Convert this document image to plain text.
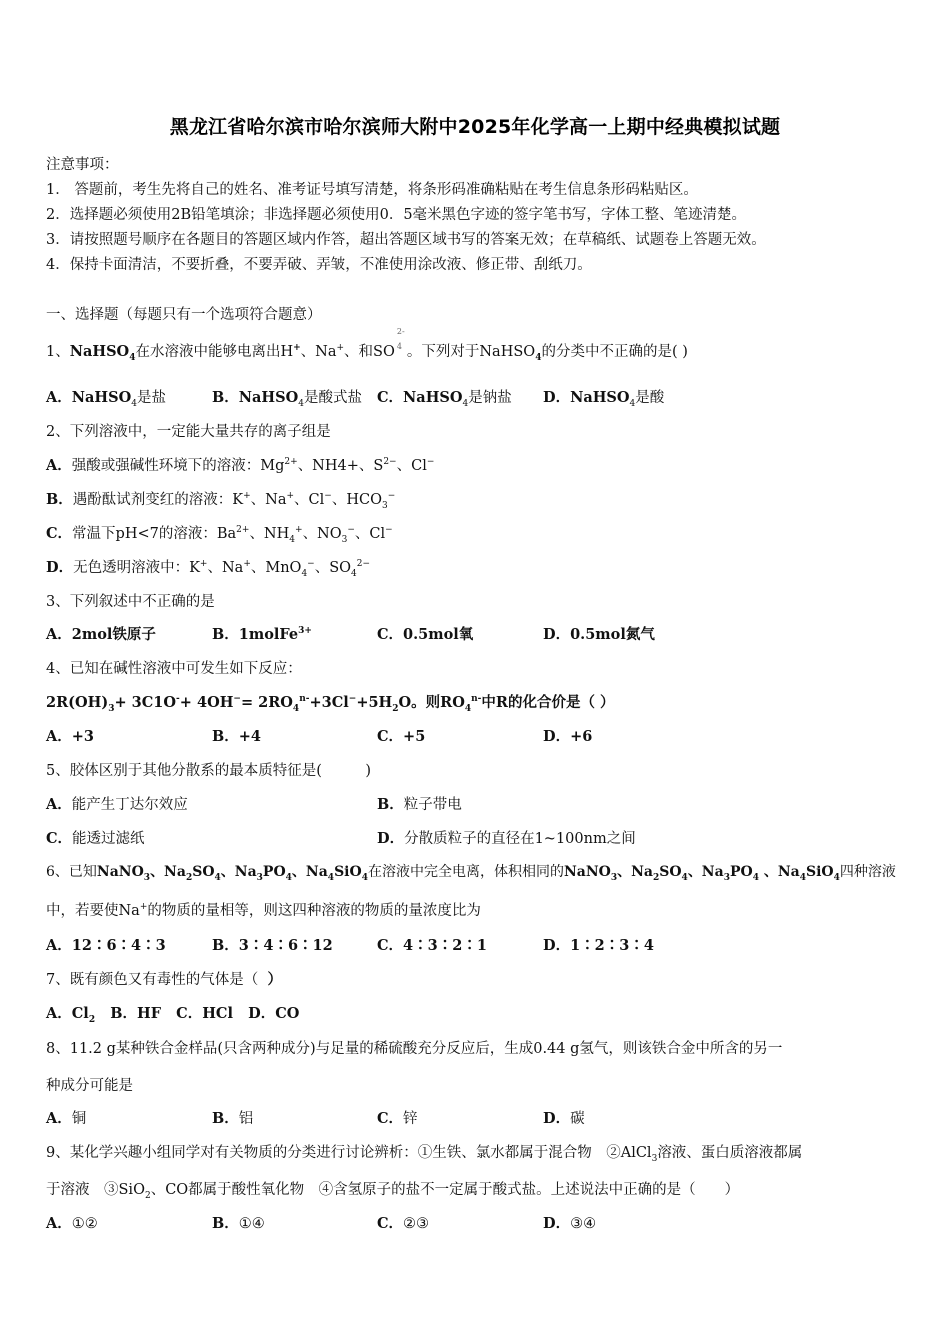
黑龙江省哈尔滨市哈尔滨师大附中2025年化学高一上期中经典模拟试题
注意事项：
1． 答题前，考生先将自己的姓名、准考证号填写清楚，将条形码准确粘贴在考生信息条形码粘贴区。
2．选择题必须使用2B铅笔填涂；非选择题必须使用0．5毫米黑色字迹的签字笔书写，字体工整、笔迹清楚。
3．请按照题号顺序在各题目的答题区域内作答，超出答题区域书写的答案无效；在草稿纸、试题卷上答题无效。
4．保持卡面清洁，不要折叠，不要弄破、弄皱，不准使用涂改液、修正带、刮纸刀。
一、选择题（每题只有一个选项符合题意）
1、NaHSO$_4$在水溶液中能够电离出H+、Na+、和SO
2-
4 。下列对于NaHSO$_4$的分类中不正确的是( )
A．NaHSO$_4$是盐	B．NaHSO$_4$是酸式盐 C．NaHSO$_4$是钠盐 D．NaHSO$_4$是酸
2、下列溶液中，一定能大量共存的离子组是
A．强酸或强碱性环境下的溶液：$Mg^{2+}$、NH4+、$S^{2-}$、Cl−
B．遇酚酞试剂变红的溶液：K+、Na+、Cl−、$HCO_3^-$
C．常温下pH<7的溶液：$Ba^{2+}$、$NH_4^+$、$NO_3^-$、Cl−
D．无色透明溶液中：K+、Na+、MnO$_4$−、$SO_4^{2-}$
3、下列叙述中不正确的是
A．2mol铁原子	B．1molFe$^{3+}$	C．0.5mol氧	D．0.5mol氮气
4、已知在碱性溶液中可发生如下反应：
$2R(OH)_3+ 3C1O^-+ 4OH^-= 2RO_4^{n-}+3Cl^-+5H_2O$。则$RO_4^{n-}$中R的化合价是（ ）
A．+3	B．+4	C．+5	D．+6
5、胶体区别于其他分散系的最本质特征是(　　　)
A．能产生丁达尔效应	B．粒子带电
C．能透过滤纸	D．分散质粒子的直径在1~100nm之间
6、已知NaNO$_3$、$Na_2SO_4$、$Na_3PO_4$、$Na_4SiO_4$在溶液中完全电离，体积相同的NaNO$_3$、$Na_2SO_4$、$Na_3PO_4$ 、$Na_4SiO_4$四种溶液
中，若要使Na+的物质的量相等，则这四种溶液的物质的量浓度比为
A．12∶6∶4∶3	B．3∶4∶6∶12	C．4∶3∶2∶1	D．1∶2∶3∶4
7、既有颜色又有毒性的气体是（ ）
A．$Cl_2$ B．HF C．HCl D．CO
8、11.2 g某种铁合金样品(只含两种成分)与足量的稀硫酸充分反应后，生成0.44 g氢气，则该铁合金中所含的另一
种成分可能是
A．铜	B．铝	C．锌	D．碳
9、某化学兴趣小组同学对有关物质的分类进行讨论辨析：①生铁、氯水都属于混合物　②AlCl$_3$溶液、蛋白质溶液都属
于溶液　③SiO$_2$、CO都属于酸性氧化物　④含氢原子的盐不一定属于酸式盐。上述说法中正确的是（　　）
A．①②	B．①④	C．②③	D．③④
